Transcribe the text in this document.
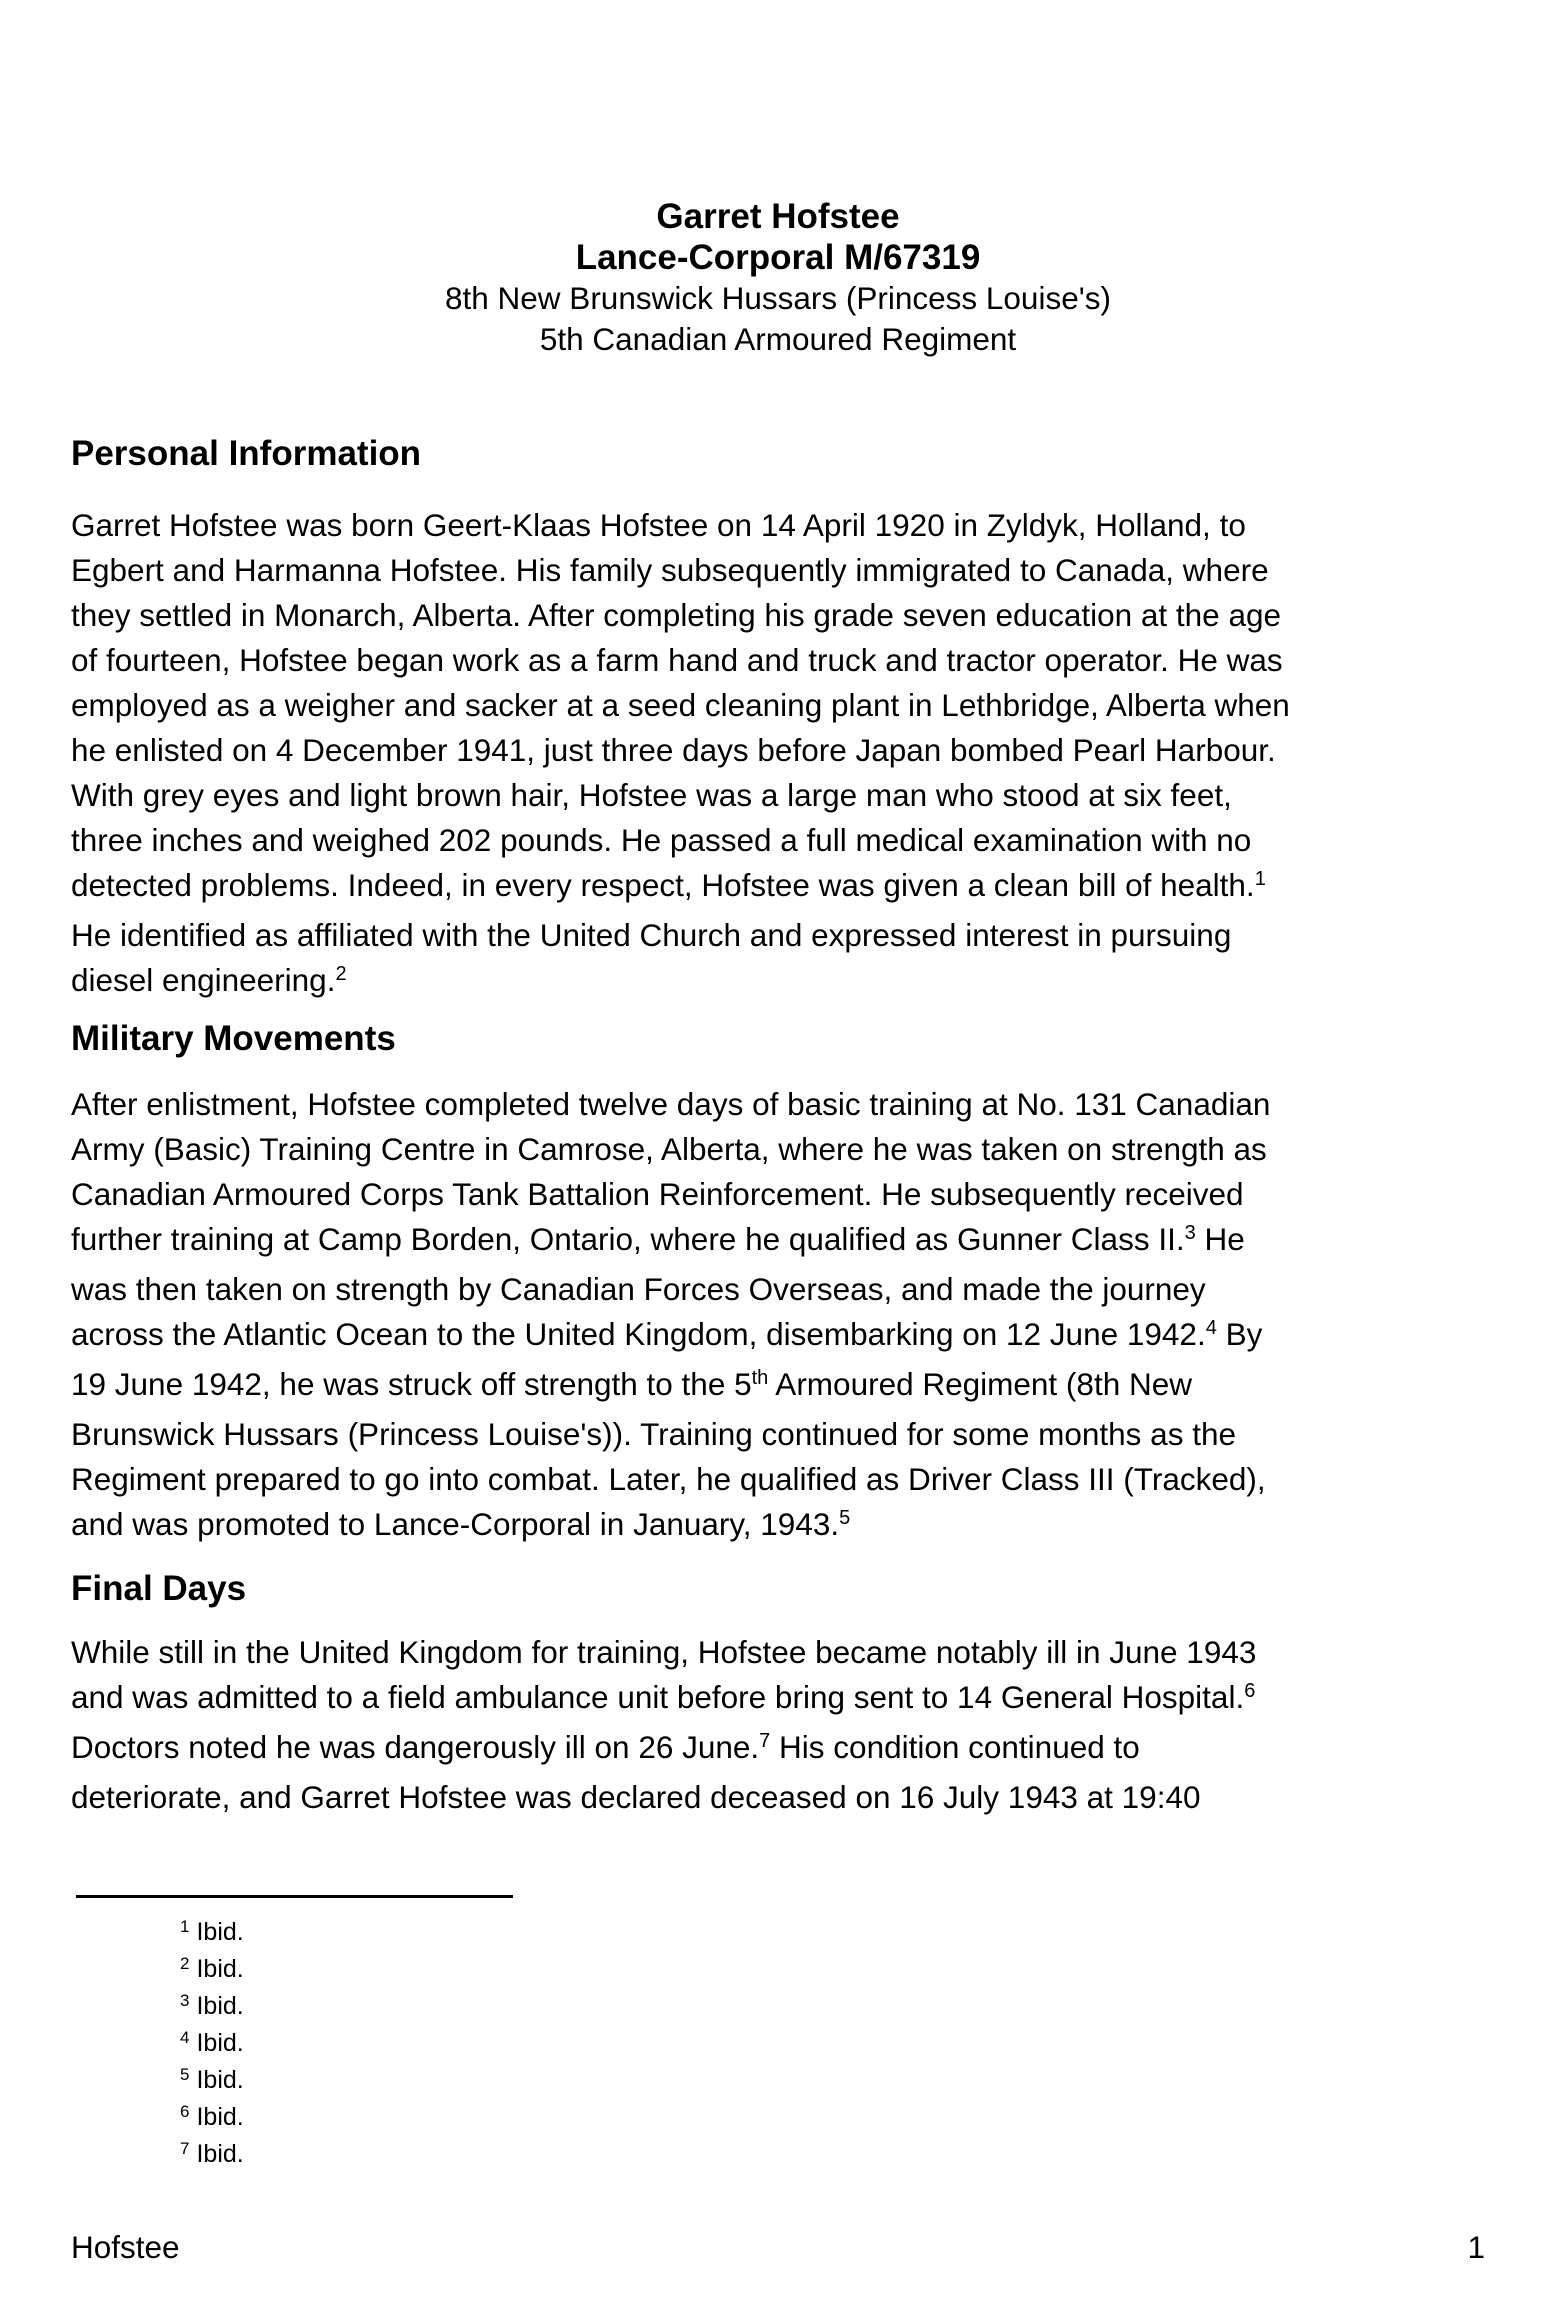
Garret Hofstee
Lance-Corporal M/67319
8th New Brunswick Hussars (Princess Louise's)
5th Canadian Armoured Regiment
Personal Information
Garret Hofstee was born Geert-Klaas Hofstee on 14 April 1920 in Zyldyk, Holland, to
Egbert and Harmanna Hofstee. His family subsequently immigrated to Canada, where
they settled in Monarch, Alberta. After completing his grade seven education at the age
of fourteen, Hofstee began work as a farm hand and truck and tractor operator. He was
employed as a weigher and sacker at a seed cleaning plant in Lethbridge, Alberta when
he enlisted on 4 December 1941, just three days before Japan bombed Pearl Harbour.
With grey eyes and light brown hair, Hofstee was a large man who stood at six feet,
three inches and weighed 202 pounds. He passed a full medical examination with no
detected problems. Indeed, in every respect, Hofstee was given a clean bill of health.$^1$
He identified as affiliated with the United Church and expressed interest in pursuing
diesel engineering.$^2$
Military Movements
After enlistment, Hofstee completed twelve days of basic training at No. 131 Canadian
Army (Basic) Training Centre in Camrose, Alberta, where he was taken on strength as
Canadian Armoured Corps Tank Battalion Reinforcement. He subsequently received
further training at Camp Borden, Ontario, where he qualified as Gunner Class II.$^3$ He
was then taken on strength by Canadian Forces Overseas, and made the journey
across the Atlantic Ocean to the United Kingdom, disembarking on 12 June 1942.$^4$ By
19 June 1942, he was struck off strength to the 5th Armoured Regiment (8th New
Brunswick Hussars (Princess Louise's)). Training continued for some months as the
Regiment prepared to go into combat. Later, he qualified as Driver Class III (Tracked),
and was promoted to Lance-Corporal in January, 1943.$^5$
Final Days
While still in the United Kingdom for training, Hofstee became notably ill in June 1943
and was admitted to a field ambulance unit before bring sent to 14 General Hospital.$^6$
Doctors noted he was dangerously ill on 26 June.$^7$ His condition continued to
deteriorate, and Garret Hofstee was declared deceased on 16 July 1943 at 19:40
$^1$ Ibid.
$^2$ Ibid.
$^3$ Ibid.
$^4$ Ibid.
$^5$ Ibid.
$^6$ Ibid.
$^7$ Ibid.
Hofstee	1
